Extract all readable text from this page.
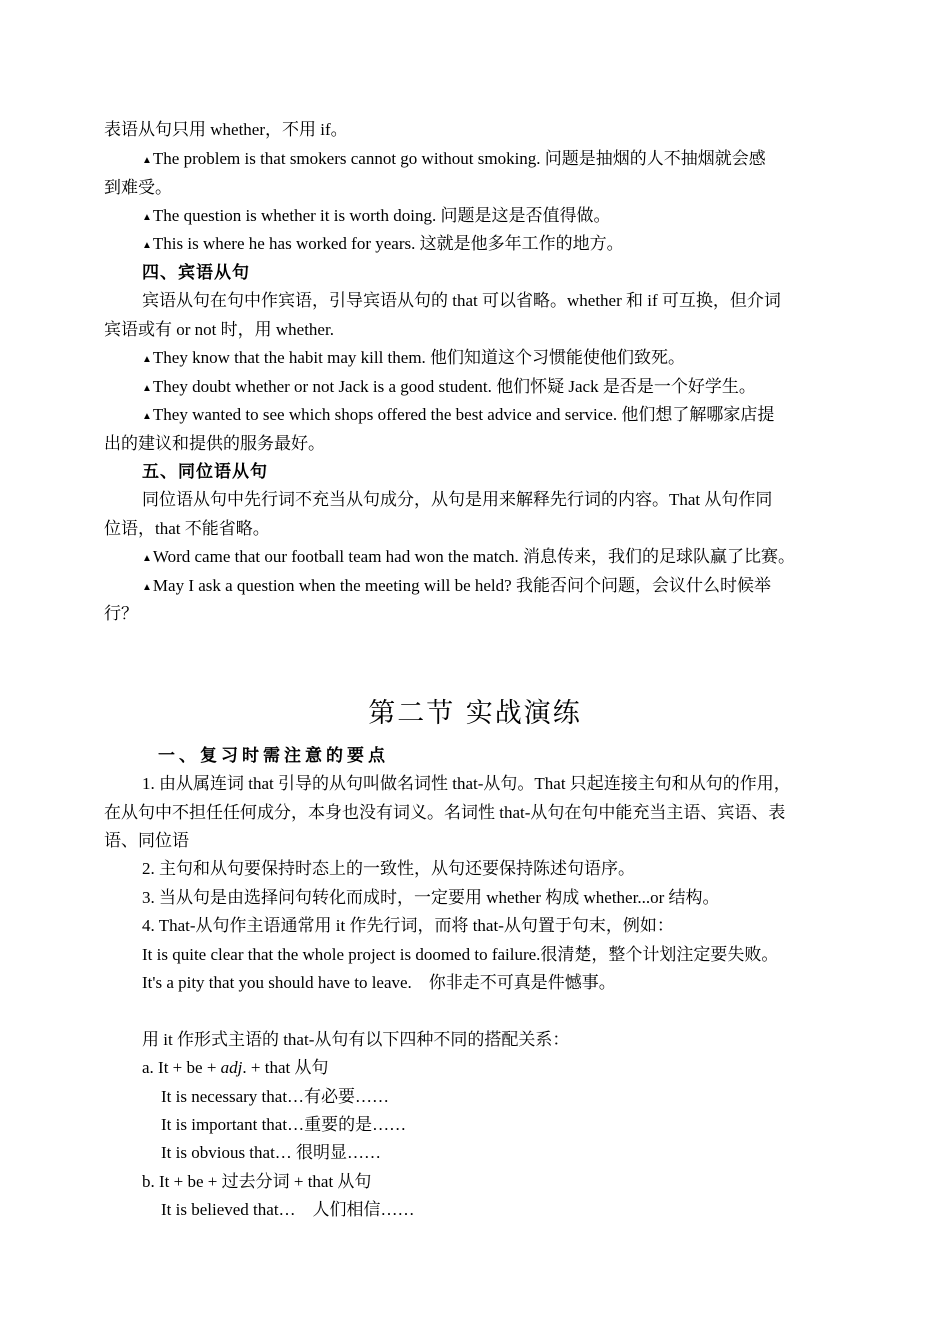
表语从句只用 whether，不用 if。
▲The problem is that smokers cannot go without smoking. 问题是抽烟的人不抽烟就会感
到难受。
▲The question is whether it is worth doing. 问题是这是否值得做。
▲This is where he has worked for years. 这就是他多年工作的地方。
四、宾语从句
宾语从句在句中作宾语，引导宾语从句的 that 可以省略。whether 和 if 可互换，但介词
宾语或有 or not 时，用 whether.
▲They know that the habit may kill them. 他们知道这个习惯能使他们致死。
▲They doubt whether or not Jack is a good student. 他们怀疑 Jack 是否是一个好学生。
▲They wanted to see which shops offered the best advice and service. 他们想了解哪家店提
出的建议和提供的服务最好。
五、同位语从句
同位语从句中先行词不充当从句成分，从句是用来解释先行词的内容。That 从句作同
位语，that 不能省略。
▲Word came that our football team had won the match. 消息传来，我们的足球队赢了比赛。
▲May I ask a question when the meeting will be held? 我能否问个问题，会议什么时候举
行？
第二节 实战演练
一、复习时需注意的要点
1. 由从属连词 that 引导的从句叫做名词性 that-从句。That 只起连接主句和从句的作用，
在从句中不担任任何成分，本身也没有词义。名词性 that-从句在句中能充当主语、宾语、表
语、同位语
2. 主句和从句要保持时态上的一致性，从句还要保持陈述句语序。
3. 当从句是由选择问句转化而成时，一定要用 whether 构成 whether...or 结构。
4. That-从句作主语通常用 it 作先行词，而将 that-从句置于句末，例如：
It is quite clear that the whole project is doomed to failure.很清楚，整个计划注定要失败。
It's a pity that you should have to leave.    你非走不可真是件憾事。
用 it 作形式主语的 that-从句有以下四种不同的搭配关系：
a. It + be + adj. + that 从句
It is necessary that…有必要……
It is important that…重要的是……
It is obvious that… 很明显……
b. It + be + 过去分词 + that 从句
It is believed that…    人们相信……
